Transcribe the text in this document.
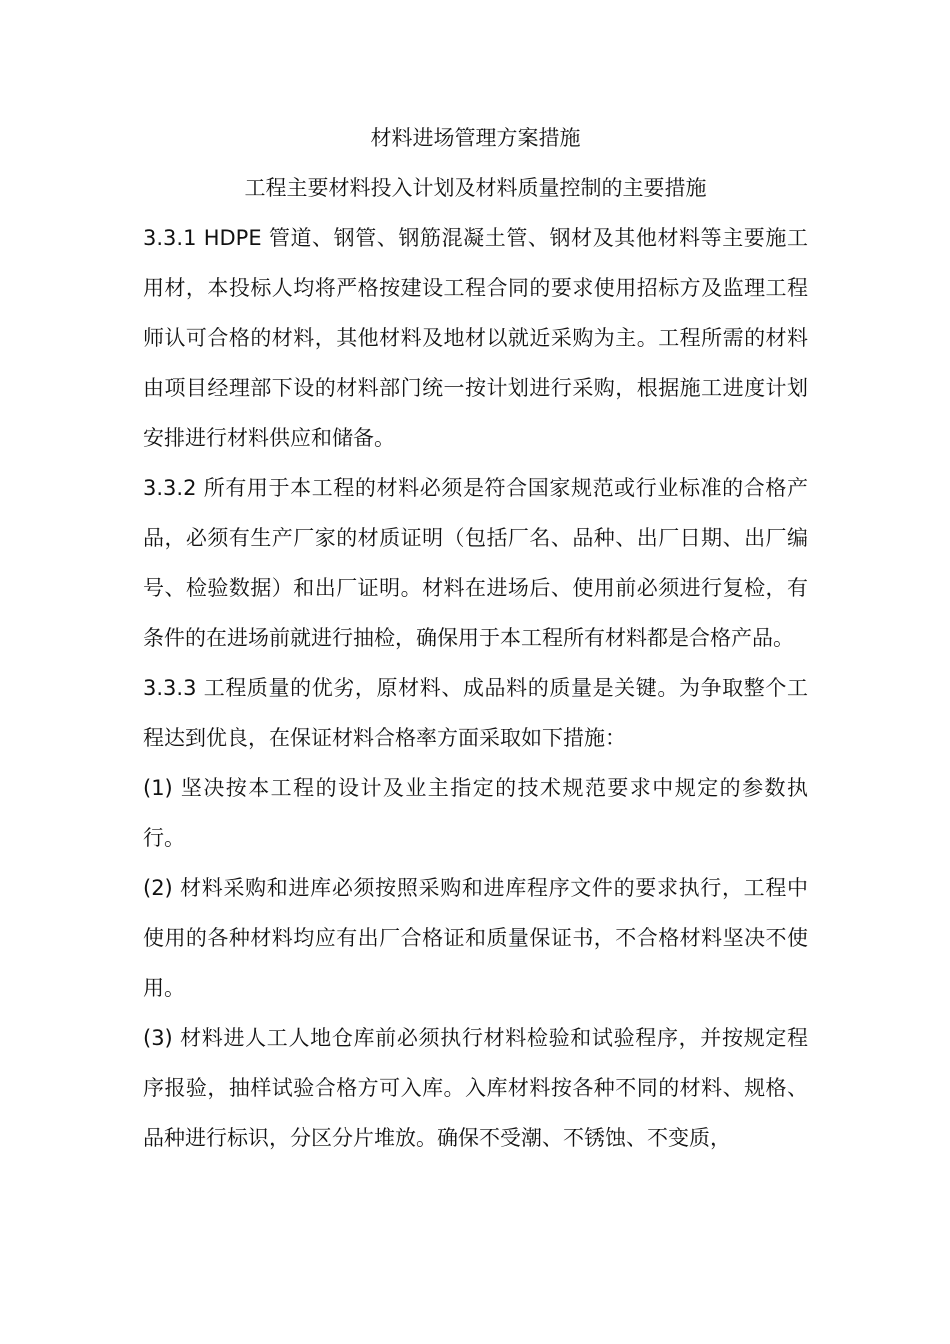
材料进场管理方案措施
工程主要材料投入计划及材料质量控制的主要措施

3.3.1 HDPE 管道、钢管、钢筋混凝土管、钢材及其他材料等主要施工用材，本投标人均将严格按建设工程合同的要求使用招标方及监理工程师认可合格的材料，其他材料及地材以就近采购为主。工程所需的材料由项目经理部下设的材料部门统一按计划进行采购，根据施工进度计划安排进行材料供应和储备。

3.3.2 所有用于本工程的材料必须是符合国家规范或行业标准的合格产品，必须有生产厂家的材质证明（包括厂名、品种、出厂日期、出厂编号、检验数据）和出厂证明。材料在进场后、使用前必须进行复检，有条件的在进场前就进行抽检，确保用于本工程所有材料都是合格产品。

3.3.3 工程质量的优劣，原材料、成品料的质量是关键。为争取整个工程达到优良，在保证材料合格率方面采取如下措施：

(1) 坚决按本工程的设计及业主指定的技术规范要求中规定的参数执行。

(2) 材料采购和进库必须按照采购和进库程序文件的要求执行，工程中使用的各种材料均应有出厂合格证和质量保证书，不合格材料坚决不使用。

(3) 材料进人工人地仓库前必须执行材料检验和试验程序，并按规定程序报验，抽样试验合格方可入库。入库材料按各种不同的材料、规格、品种进行标识，分区分片堆放。确保不受潮、不锈蚀、不变质，
